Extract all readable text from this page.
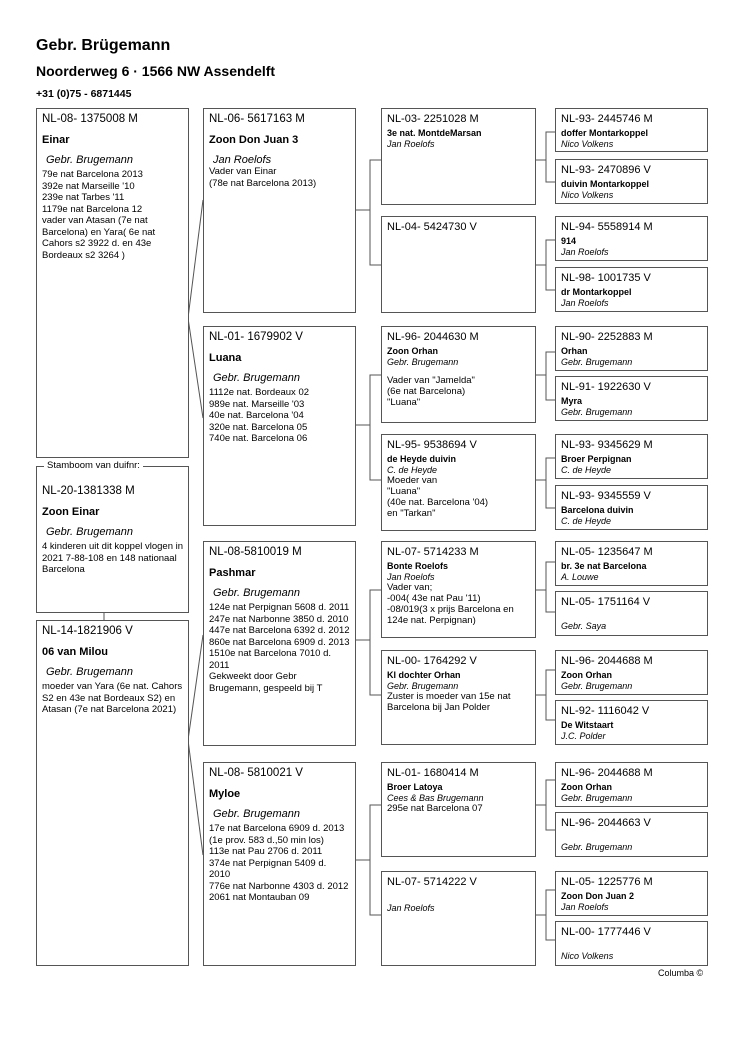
Gebr. Brügemann
Noorderweg 6 · 1566 NW Assendelft
+31 (0)75 - 6871445
NL-08- 1375008 M
Einar
Gebr. Brugemann
79e nat Barcelona 2013
392e nat Marseille '10
239e nat Tarbes '11
1179e nat Barcelona 12
vader van Atasan (7e nat Barcelona) en Yara( 6e nat Cahors s2 3922 d. en 43e Bordeaux s2 3264 )
NL-20-1381338 M
Zoon Einar
Gebr. Brugemann
4 kinderen uit dit koppel vlogen in 2021 7-88-108 en 148 nationaal Barcelona
Stamboom van duifnr:
NL-14-1821906 V
06 van Milou
Gebr. Brugemann
moeder van Yara (6e nat. Cahors S2 en 43e nat Bordeaux S2) en Atasan (7e nat Barcelona 2021)
NL-06- 5617163 M
Zoon Don Juan 3
Jan Roelofs
Vader van Einar
(78e nat Barcelona 2013)
NL-01- 1679902 V
Luana
Gebr. Brugemann
1112e nat. Bordeaux 02
989e nat. Marseille '03
40e nat. Barcelona '04
320e nat. Barcelona 05
740e nat. Barcelona 06
NL-08-5810019 M
Pashmar
Gebr. Brugemann
124e nat Perpignan 5608 d. 2011
247e nat Narbonne 3850 d. 2010
447e nat Barcelona 6392 d. 2012
860e nat Barcelona 6909 d. 2013
1510e nat Barcelona 7010 d. 2011
Gekweekt door Gebr Brugemann, gespeeld bij T
NL-08- 5810021 V
Myloe
Gebr. Brugemann
17e nat Barcelona 6909 d. 2013
(1e prov. 583 d.,50 min los)
113e nat Pau 2706 d. 2011
374e nat Perpignan 5409 d. 2010
776e nat Narbonne 4303 d. 2012
2061 nat Montauban 09
NL-03- 2251028 M
3e nat. MontdeMarsan
Jan Roelofs
NL-04- 5424730 V
NL-96- 2044630 M
Zoon Orhan
Gebr. Brugemann
Vader van "Jamelda"
(6e nat Barcelona)
"Luana"
NL-95- 9538694 V
de Heyde duivin
C. de Heyde
Moeder van
"Luana"
(40e nat. Barcelona '04)
en "Tarkan"
NL-07- 5714233 M
Bonte Roelofs
Jan Roelofs
Vader van;
-004( 43e nat Pau '11)
-08/019(3 x prijs Barcelona en 124e nat. Perpignan)
NL-00- 1764292 V
Kl dochter Orhan
Gebr. Brugemann
Zuster is moeder van 15e nat Barcelona bij Jan Polder
NL-01- 1680414 M
Broer Latoya
Cees & Bas Brugemann
295e nat Barcelona 07
NL-07- 5714222 V
Jan Roelofs
NL-93- 2445746 M
doffer Montarkoppel
Nico Volkens
NL-93- 2470896 V
duivin Montarkoppel
Nico Volkens
NL-94- 5558914 M
914
Jan Roelofs
NL-98- 1001735 V
dr Montarkoppel
Jan Roelofs
NL-90- 2252883 M
Orhan
Gebr. Brugemann
NL-91- 1922630 V
Myra
Gebr. Brugemann
NL-93- 9345629 M
Broer Perpignan
C. de Heyde
NL-93- 9345559 V
Barcelona duivin
C. de Heyde
NL-05- 1235647 M
br. 3e nat Barcelona
A. Louwe
NL-05- 1751164 V
Gebr. Saya
NL-96- 2044688 M
Zoon Orhan
Gebr. Brugemann
NL-92- 1116042 V
De Witstaart
J.C. Polder
NL-96- 2044688 M
Zoon Orhan
Gebr. Brugemann
NL-96- 2044663 V
Gebr. Brugemann
NL-05- 1225776 M
Zoon Don Juan 2
Jan Roelofs
NL-00- 1777446 V
Nico Volkens
Columba ©
